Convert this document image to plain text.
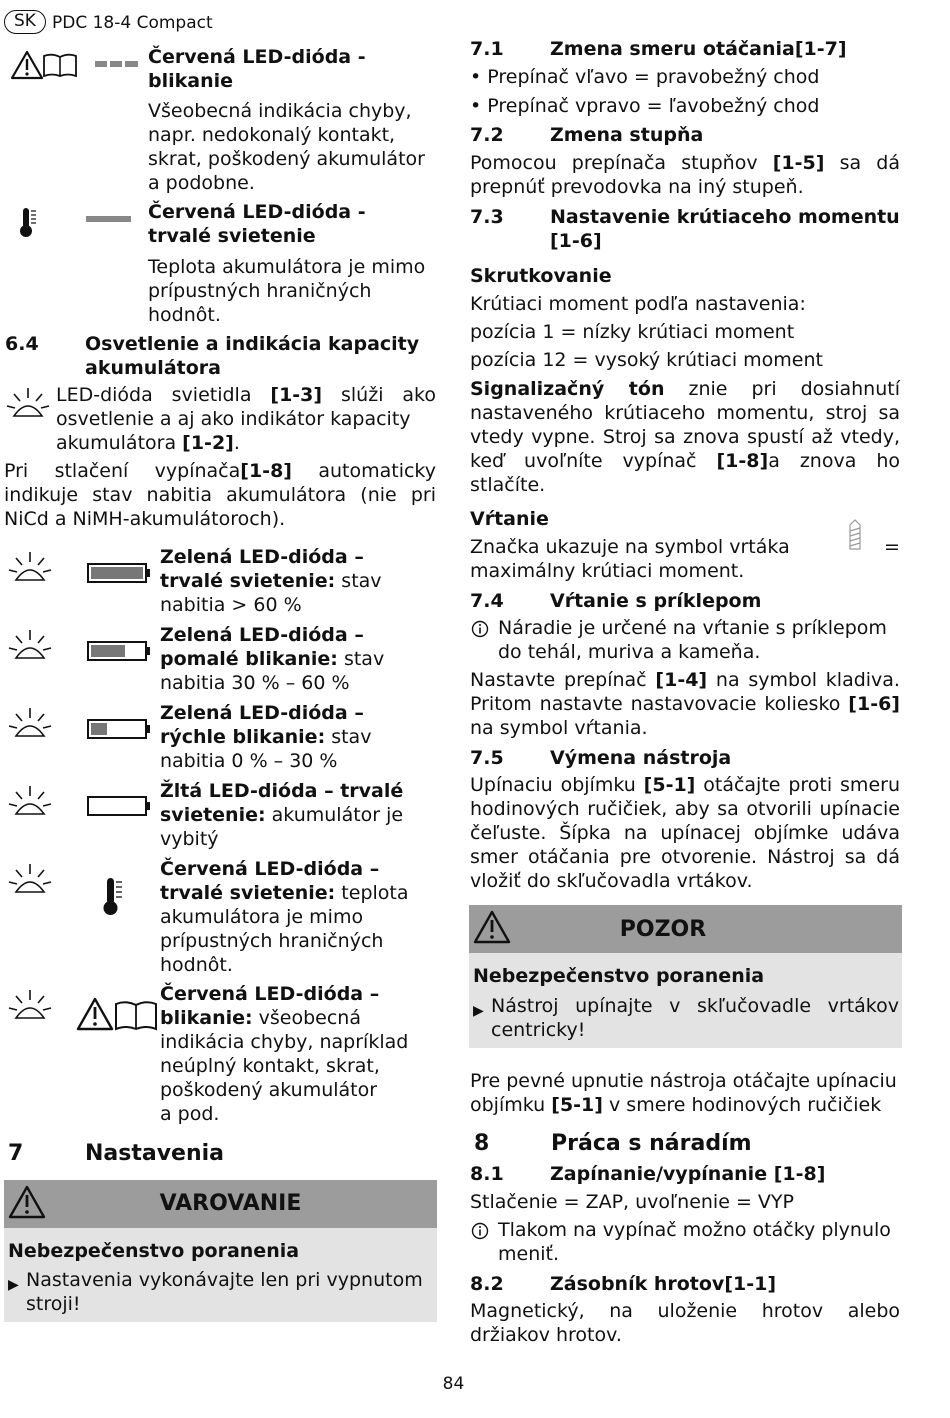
SK PDC 18-4 Compact
Červená LED-dióda -
blikanie
Všeobecná indikácia chyby,
napr. nedokonalý kontakt,
skrat, poškodený akumulátor
a podobne.
Červená LED-dióda -
trvalé svietenie
Teplota akumulátora je mimo
prípustných hraničných
hodnôt.
6.4 Osvetlenie a indikácia kapacity
akumulátora
LED-dióda svietidla [1-3] slúži ako
osvetlenie a aj ako indikátor kapacity
akumulátora [1-2].
Pri stlačení vypínača[1-8] automaticky
indikuje stav nabitia akumulátora (nie pri
NiCd a NiMH-akumulátoroch).
Zelená LED-dióda –
trvalé svietenie: stav
nabitia > 60 %
Zelená LED-dióda –
pomalé blikanie: stav
nabitia 30 % – 60 %
Zelená LED-dióda –
rýchle blikanie: stav
nabitia 0 % – 30 %
Žltá LED-dióda – trvalé
svietenie: akumulátor je
vybitý
Červená LED-dióda –
trvalé svietenie: teplota
akumulátora je mimo
prípustných hraničných
hodnôt.
Červená LED-dióda –
blikanie: všeobecná
indikácia chyby, napríklad
neúplný kontakt, skrat,
poškodený akumulátor
a pod.
7	Nastavenia
VAROVANIE
Nebezpečenstvo poranenia
▶ Nastavenia vykonávajte len pri vypnutom
stroji!
7.1 Zmena smeru otáčania[1-7]
• Prepínač vľavo = pravobežný chod
• Prepínač vpravo = ľavobežný chod
7.2 Zmena stupňa
Pomocou prepínača stupňov [1-5] sa dá
prepnúť prevodovka na iný stupeň.
7.3 Nastavenie krútiaceho momentu
[1-6]
Skrutkovanie
Krútiaci moment podľa nastavenia:
pozícia 1 = nízky krútiaci moment
pozícia 12 = vysoký krútiaci moment
Signalizačný tón znie pri dosiahnutí
nastaveného krútiaceho momentu, stroj sa
vtedy vypne. Stroj sa znova spustí až vtedy,
keď uvoľníte vypínač [1-8]a znova ho
stlačíte.
Vŕtanie
Značka ukazuje na symbol vrtáka	=
maximálny krútiaci moment.
7.4 Vŕtanie s príklepom
Náradie je určené na vŕtanie s príklepom
do tehál, muriva a kameňa.
Nastavte prepínač [1-4] na symbol kladiva.
Pritom nastavte nastavovacie koliesko [1-6]
na symbol vŕtania.
7.5 Výmena nástroja
Upínaciu objímku [5-1] otáčajte proti smeru
hodinových ručičiek, aby sa otvorili upínacie
čeľuste. Šípka na upínacej objímke udáva
smer otáčania pre otvorenie. Nástroj sa dá
vložiť do skľučovadla vrtákov.
POZOR
Nebezpečenstvo poranenia
▶ Nástroj upínajte v skľučovadle vrtákov
centricky!
Pre pevné upnutie nástroja otáčajte upínaciu
objímku [5-1] v smere hodinových ručičiek
8	Práca s náradím
8.1 Zapínanie/vypínanie [1-8]
Stlačenie = ZAP, uvoľnenie = VYP
Tlakom na vypínač možno otáčky plynulo
meniť.
8.2 Zásobník hrotov[1-1]
Magnetický, na uloženie hrotov alebo
držiakov hrotov.
84
